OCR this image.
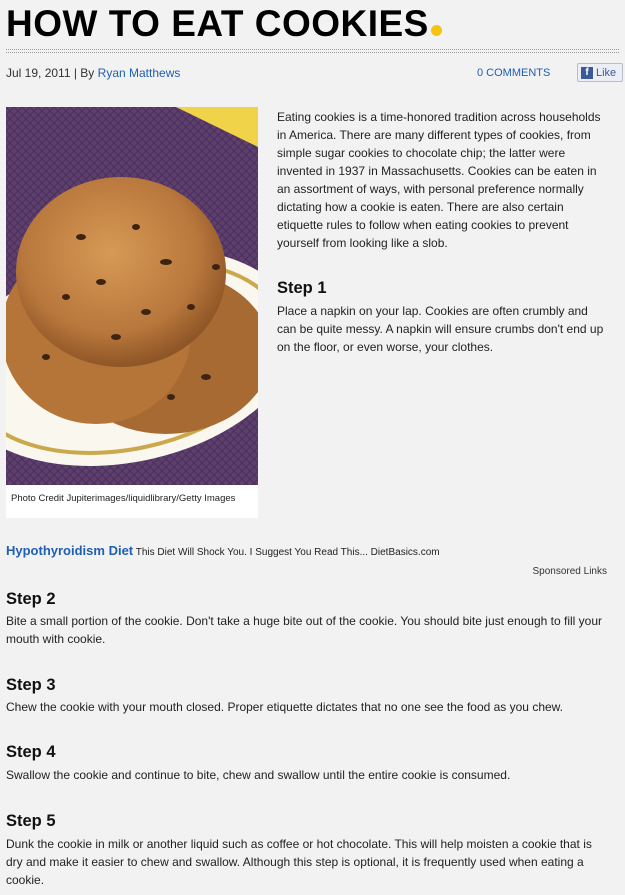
HOW TO EAT COOKIES
Jul 19, 2011 | By Ryan Matthews	0 COMMENTS	f Like
Photo Credit Jupiterimages/liquidlibrary/Getty Images

Eating cookies is a time-honored tradition across households in America. There are many different types of cookies, from simple sugar cookies to chocolate chip; the latter were invented in 1937 in Massachusetts. Cookies can be eaten in an assortment of ways, with personal preference normally dictating how a cookie is eaten. There are also certain etiquette rules to follow when eating cookies to prevent yourself from looking like a slob.

Step 1

Place a napkin on your lap. Cookies are often crumbly and can be quite messy. A napkin will ensure crumbs don't end up on the floor, or even worse, your clothes.

Hypothyroidism Diet This Diet Will Shock You. I Suggest You Read This... DietBasics.com
Sponsored Links
Step 2

Bite a small portion of the cookie. Don't take a huge bite out of the cookie. You should bite just enough to fill your mouth with cookie.

Step 3

Chew the cookie with your mouth closed. Proper etiquette dictates that no one see the food as you chew.

Step 4

Swallow the cookie and continue to bite, chew and swallow until the entire cookie is consumed.

Step 5

Dunk the cookie in milk or another liquid such as coffee or hot chocolate. This will help moisten a cookie that is dry and make it easier to chew and swallow. Although this step is optional, it is frequently used when eating a cookie.
